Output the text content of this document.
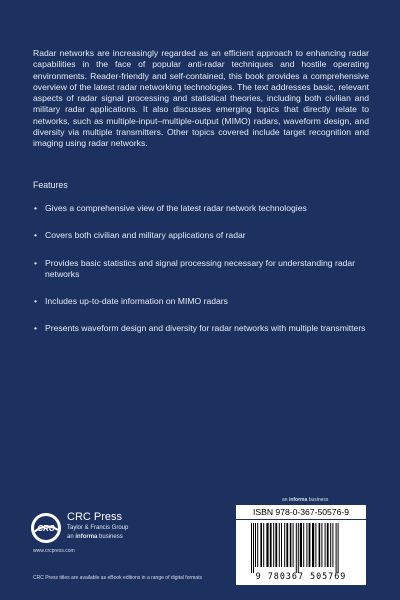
Radar networks are increasingly regarded as an efficient approach to enhancing radar capabilities in the face of popular anti-radar techniques and hostile operating environments. Reader-friendly and self-contained, this book provides a comprehensive overview of the latest radar networking technologies. The text addresses basic, relevant aspects of radar signal processing and statistical theories, including both civilian and military radar applications. It also discusses emerging topics that directly relate to networks, such as multiple-input–multiple-output (MIMO) radars, waveform design, and diversity via multiple transmitters. Other topics covered include target recognition and imaging using radar networks.

Features

• Gives a comprehensive view of the latest radar network technologies
• Covers both civilian and military applications of radar
• Provides basic statistics and signal processing necessary for understanding radar networks
• Includes up-to-date information on MIMO radars
• Presents waveform design and diversity for radar networks with multiple transmitters
an informa business
ISBN 978-0-367-50576-9
9 780367 505769
CRC
CRC Press
Taylor & Francis Group
an informa business
www.crcpress.com
CRC Press titles are available as eBook editions in a range of digital formats
